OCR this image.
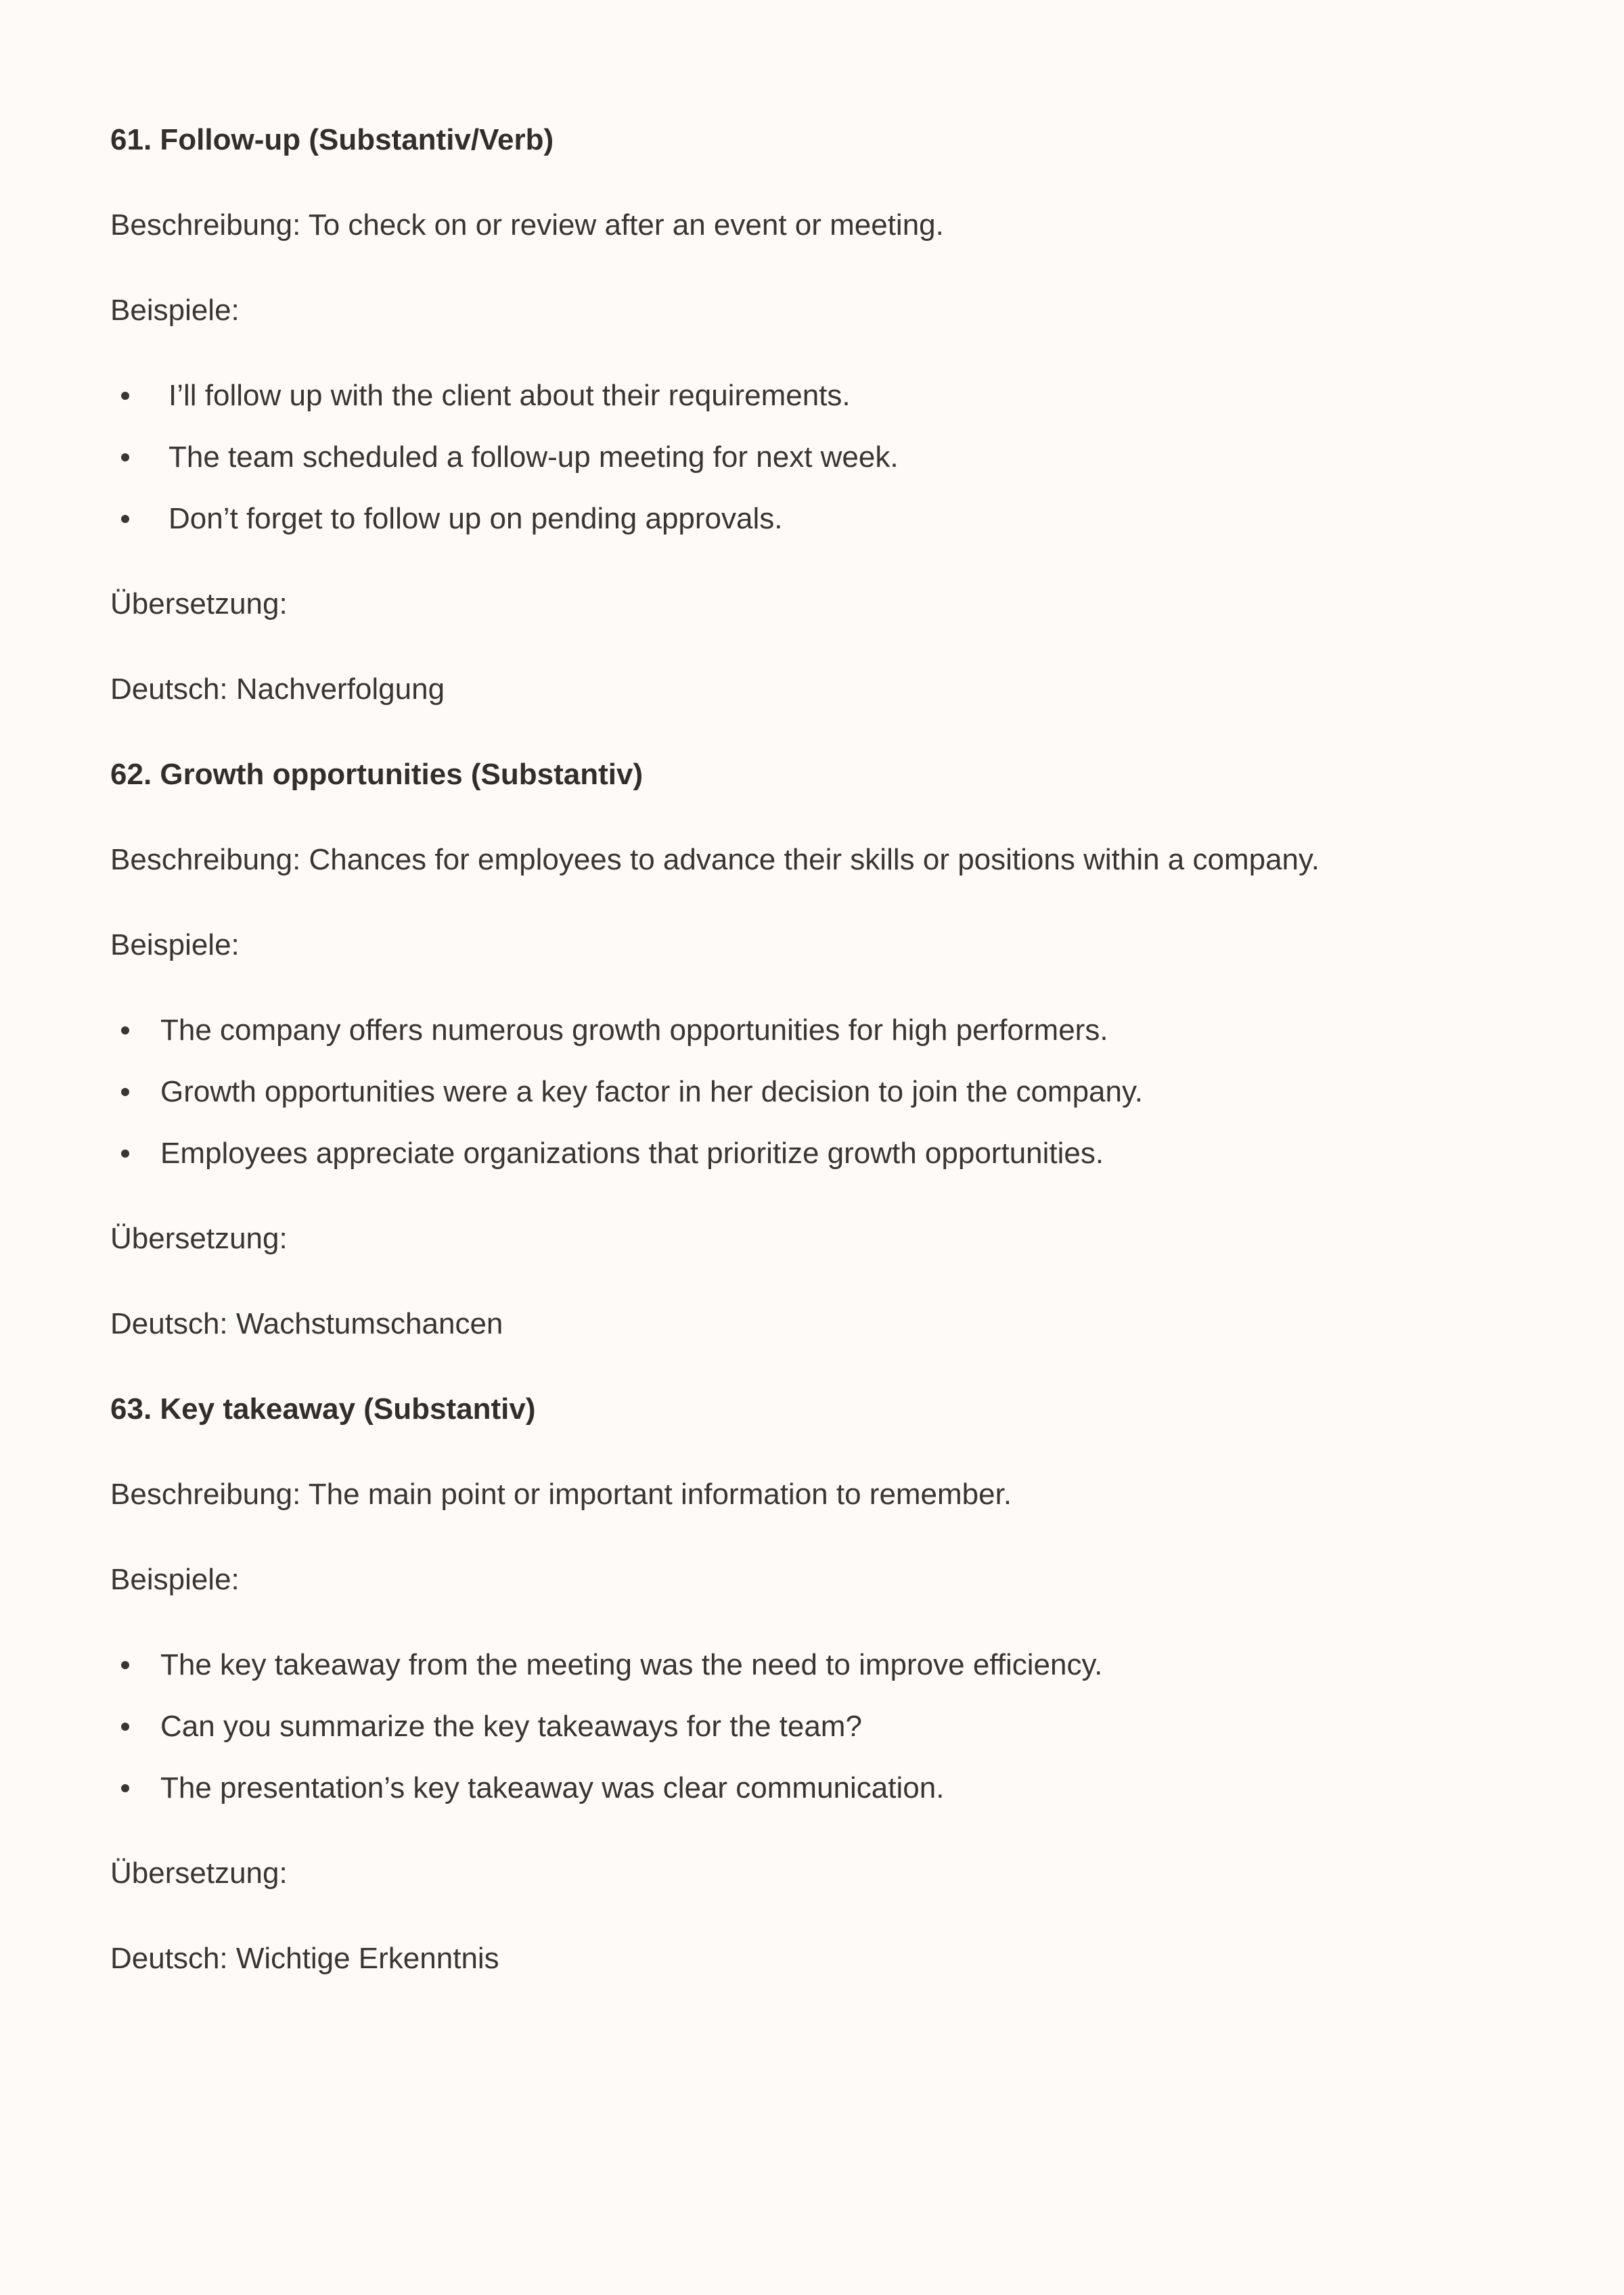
61. Follow-up (Substantiv/Verb)
Beschreibung: To check on or review after an event or meeting.
Beispiele:
I’ll follow up with the client about their requirements.
The team scheduled a follow-up meeting for next week.
Don’t forget to follow up on pending approvals.
Übersetzung:
Deutsch: Nachverfolgung
62. Growth opportunities (Substantiv)
Beschreibung: Chances for employees to advance their skills or positions within a company.
Beispiele:
The company offers numerous growth opportunities for high performers.
Growth opportunities were a key factor in her decision to join the company.
Employees appreciate organizations that prioritize growth opportunities.
Übersetzung:
Deutsch: Wachstumschancen
63. Key takeaway (Substantiv)
Beschreibung: The main point or important information to remember.
Beispiele:
The key takeaway from the meeting was the need to improve efficiency.
Can you summarize the key takeaways for the team?
The presentation’s key takeaway was clear communication.
Übersetzung:
Deutsch: Wichtige Erkenntnis
